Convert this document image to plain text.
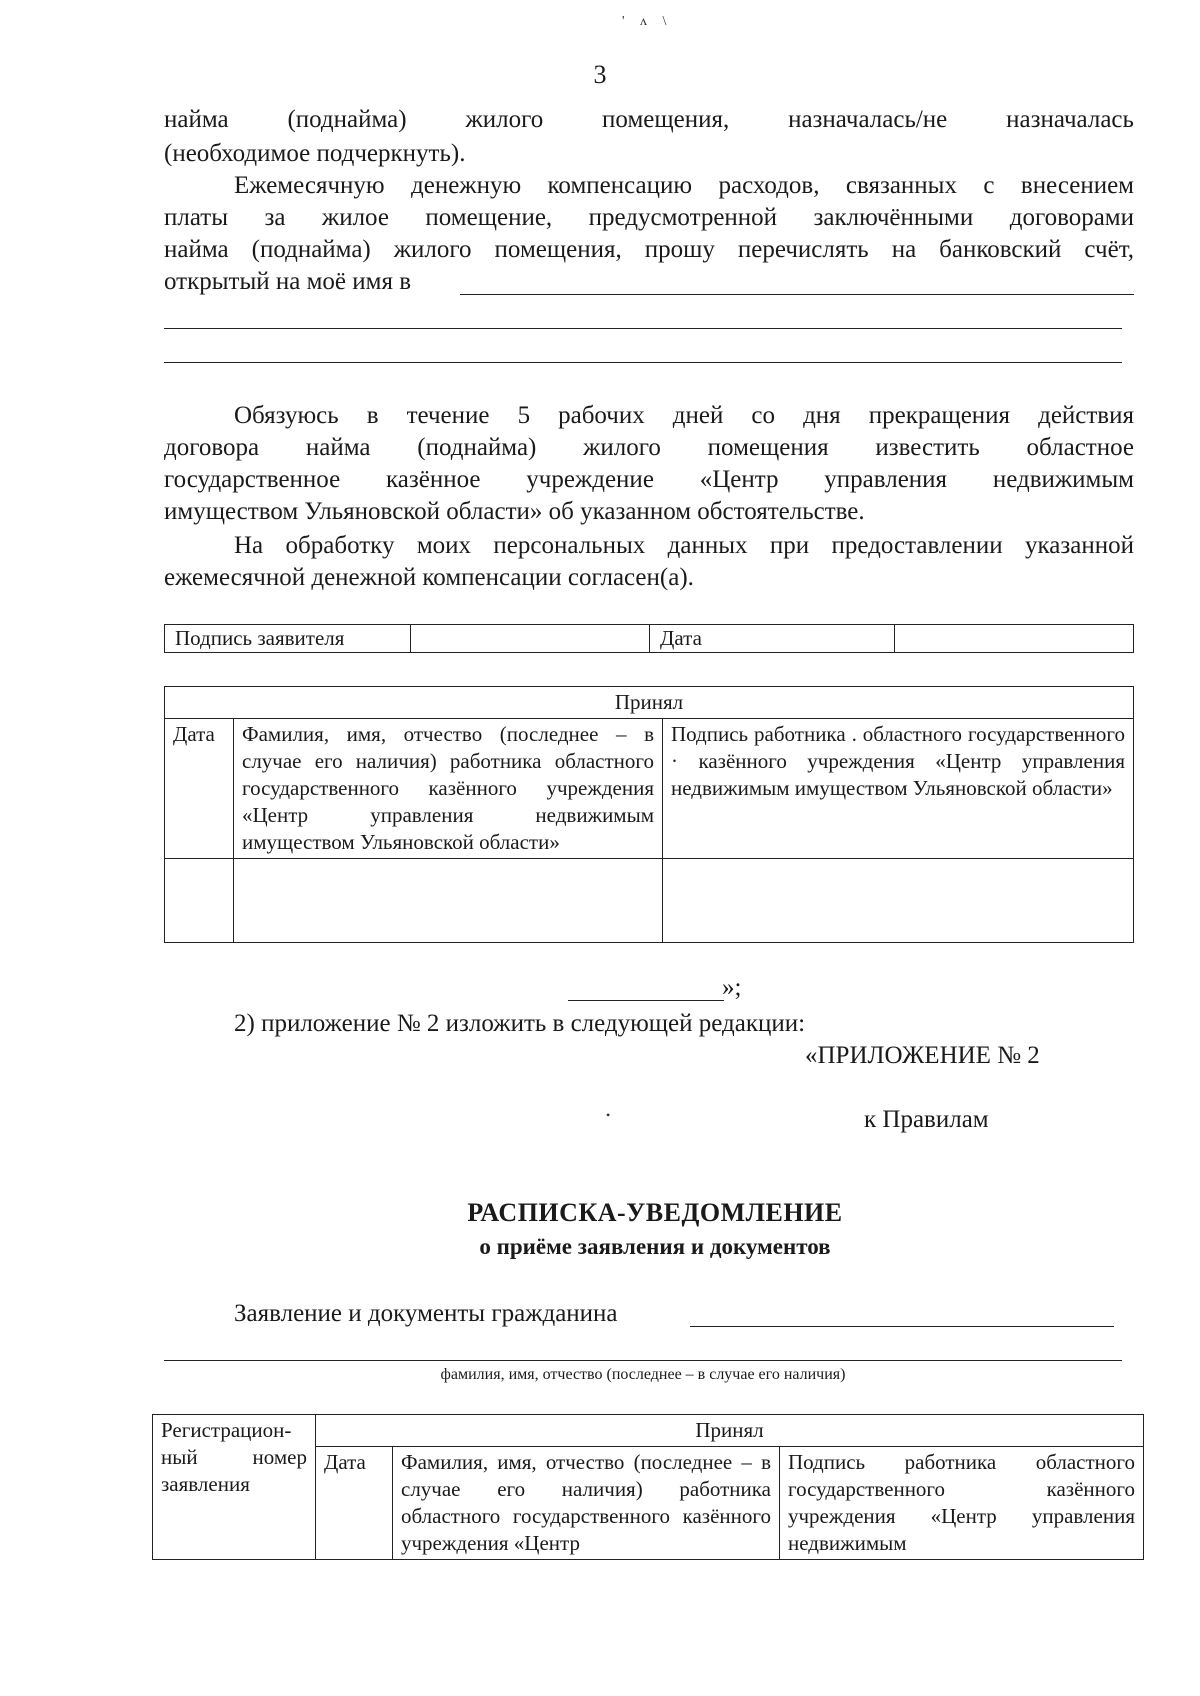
' ᴧ \
3
найма (поднайма) жилого помещения, назначалась/не назначалась
(необходимое подчеркнуть).
Ежемесячную денежную компенсацию расходов, связанных с внесением
платы за жилое помещение, предусмотренной заключёнными договорами
найма (поднайма) жилого помещения, прошу перечислять на банковский счёт,
открытый на моё имя в
Обязуюсь в течение 5 рабочих дней со дня прекращения действия
договора найма (поднайма) жилого помещения известить областное
государственное казённое учреждение «Центр управления недвижимым
имуществом Ульяновской области» об указанном обстоятельстве.
На обработку моих персональных данных при предоставлении указанной
ежемесячной денежной компенсации согласен(а).
Подпись заявителя		Дата	
Принял		
Дата	Фамилия, имя, отчество (последнее – в случае его наличия) работника областного государственного казённого учреждения «Центр управления недвижимым имуществом Ульяновской области»	Подпись работника . областного государственного · казённого учреждения «Центр управления недвижимым имуществом Ульяновской области»

»;
2) приложение № 2 изложить в следующей редакции:
«ПРИЛОЖЕНИЕ № 2
к Правилам
•
РАСПИСКА-УВЕДОМЛЕНИЕ
о приёме заявления и документов
Заявление и документы гражданина
фамилия, имя, отчество (последнее – в случае его наличия)
Регистрацион-ный номер заявления	Принял		
	Дата	Фамилия, имя, отчество (последнее – в случае его наличия) работника областного государственного казённого учреждения «Центр	Подпись работника областного государственного казённого учреждения «Центр управления недвижимым
